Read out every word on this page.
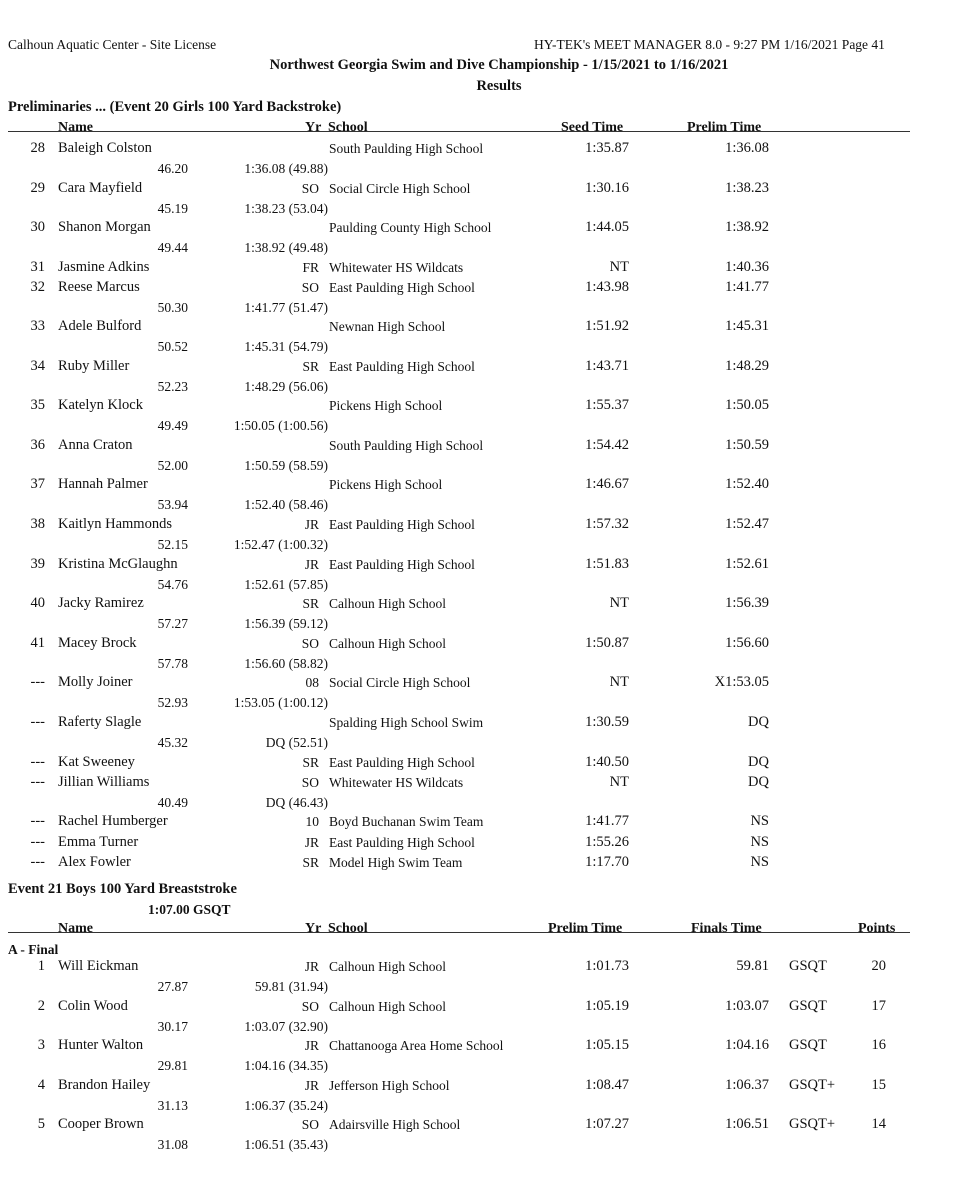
Calhoun Aquatic Center - Site License	HY-TEK's MEET MANAGER 8.0 - 9:27 PM 1/16/2021 Page 41
Northwest Georgia Swim and Dive Championship - 1/15/2021 to 1/16/2021
Results
Preliminaries ... (Event 20 Girls 100 Yard Backstroke)
Name	Yr School	Seed Time	Prelim Time
28 Baleigh Colston	South Paulding High School	1:35.87	1:36.08
46.20	1:36.08 (49.88)
29 Cara Mayfield	SO Social Circle High School	1:30.16	1:38.23
45.19	1:38.23 (53.04)
30 Shanon Morgan	Paulding County High School	1:44.05	1:38.92
49.44	1:38.92 (49.48)
31 Jasmine Adkins	FR Whitewater HS Wildcats	NT	1:40.36
32 Reese Marcus	SO East Paulding High School	1:43.98	1:41.77
50.30	1:41.77 (51.47)
33 Adele Bulford	Newnan High School	1:51.92	1:45.31
50.52	1:45.31 (54.79)
34 Ruby Miller	SR East Paulding High School	1:43.71	1:48.29
52.23	1:48.29 (56.06)
35 Katelyn Klock	Pickens High School	1:55.37	1:50.05
49.49	1:50.05 (1:00.56)
36 Anna Craton	South Paulding High School	1:54.42	1:50.59
52.00	1:50.59 (58.59)
37 Hannah Palmer	Pickens High School	1:46.67	1:52.40
53.94	1:52.40 (58.46)
38 Kaitlyn Hammonds	JR East Paulding High School	1:57.32	1:52.47
52.15	1:52.47 (1:00.32)
39 Kristina McGlaughn	JR East Paulding High School	1:51.83	1:52.61
54.76	1:52.61 (57.85)
40 Jacky Ramirez	SR Calhoun High School	NT	1:56.39
57.27	1:56.39 (59.12)
41 Macey Brock	SO Calhoun High School	1:50.87	1:56.60
57.78	1:56.60 (58.82)
--- Molly Joiner	08 Social Circle High School	NT	X1:53.05
52.93	1:53.05 (1:00.12)
--- Raferty Slagle	Spalding High School Swim	1:30.59	DQ
45.32	DQ (52.51)
--- Kat Sweeney	SR East Paulding High School	1:40.50	DQ
--- Jillian Williams	SO Whitewater HS Wildcats	NT	DQ
40.49	DQ (46.43)
--- Rachel Humberger	10 Boyd Buchanan Swim Team	1:41.77	NS
--- Emma Turner	JR East Paulding High School	1:55.26	NS
--- Alex Fowler	SR Model High Swim Team	1:17.70	NS
Event 21 Boys 100 Yard Breaststroke
1:07.00 GSQT
Name	Yr School	Prelim Time	Finals Time	Points
A - Final
1 Will Eickman	JR Calhoun High School	1:01.73	59.81 GSQT	20
27.87	59.81 (31.94)
2 Colin Wood	SO Calhoun High School	1:05.19	1:03.07 GSQT	17
30.17	1:03.07 (32.90)
3 Hunter Walton	JR Chattanooga Area Home School	1:05.15	1:04.16 GSQT	16
29.81	1:04.16 (34.35)
4 Brandon Hailey	JR Jefferson High School	1:08.47	1:06.37 GSQT+	15
31.13	1:06.37 (35.24)
5 Cooper Brown	SO Adairsville High School	1:07.27	1:06.51 GSQT+	14
31.08	1:06.51 (35.43)
